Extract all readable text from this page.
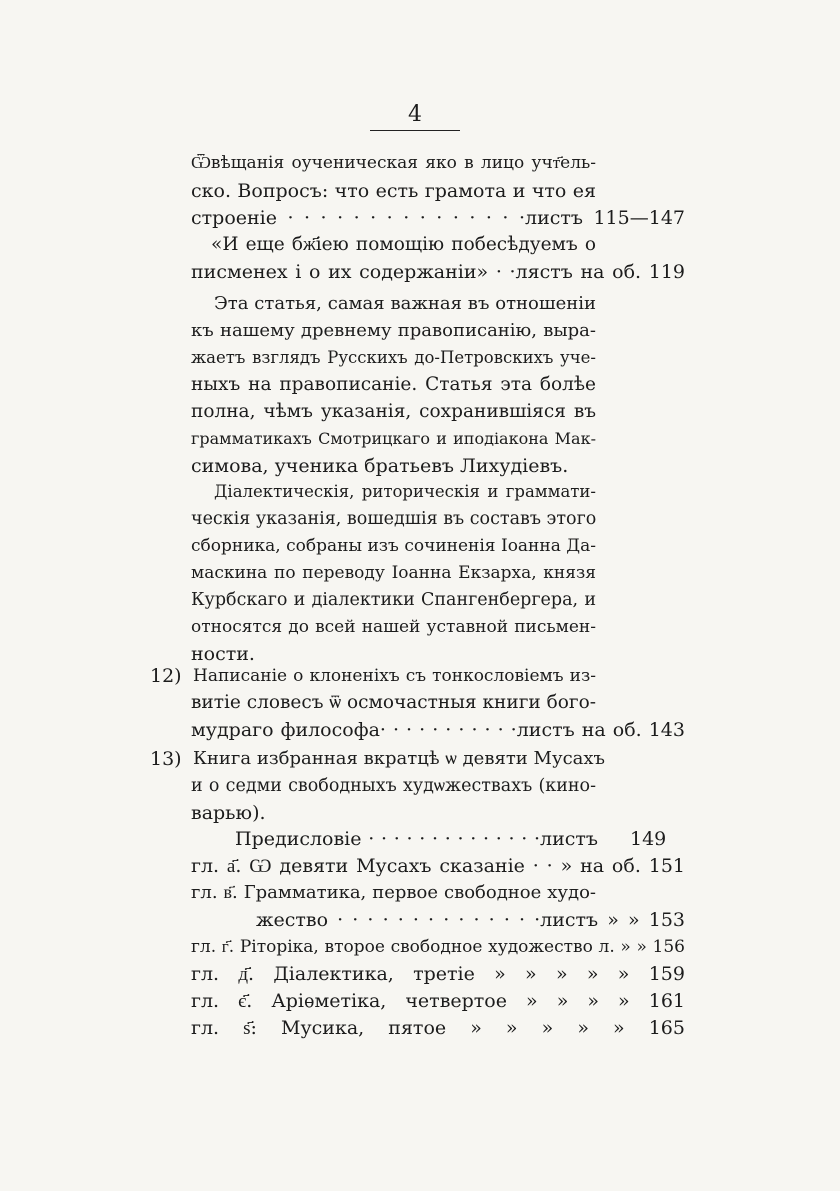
4
Ѿвѣщанія оученическая яко в лицо учт҃ель-
ско. Вопросъ: что есть грамота и что ея
строеніе · · · · · · · · · · · · · · ·листъ 115—147
«И еще бж҃іею помощію побесѣдуемъ о
писменех і о их содержаніи» · ·лястъ на об. 119
Эта статья, самая важная въ отношеніи
къ нашему древнему правописанію, выра-
жаетъ взглядъ Русскихъ до-Петровскихъ уче-
ныхъ на правописаніе. Статья эта болѣе
полна, чѣмъ указанія, сохранившіяся въ
грамматикахъ Смотрицкаго и иподіакона Мак-
симова, ученика братьевъ Лихудіевъ.
Діалектическія, риторическія и граммати-
ческія указанія, вошедшія въ составъ этого
сборника, собраны изъ сочиненія Іоанна Да-
маскина по переводу Іоанна Екзарха, князя
Курбскаго и діалектики Спангенбергера, и
относятся до всей нашей уставной письмен-
ности.
12) Написаніе о клоненіхъ съ тонкословіемъ из-
витіе словесъ ѿ осмочастныя книги бого-
мудраго философа· · · · · · · · · · ·листъ на об. 143
13) Книга избранная вкратцѣ ѡ девяти Мусахъ
и о седми свободныхъ худѡжествахъ (кино-
варью).
Предисловіе · · · · · · · · · · · · · ·листъ 149
гл. а҃. Ѡ девяти Мусахъ сказаніе · · » на об. 151
гл. в҃. Грамматика, первое свободное худо-
жество · · · · · · · · · · · · · ·листъ » » 153
гл. г҃. Ріторіка, второе свободное художество л. » » 156
гл. д҃. Діалектика, третіе » » » » » 159
гл. є҃. Аріѳметіка, четвертое » » » » 161
гл. ѕ҃: Мусика, пятое » » » » » 165
